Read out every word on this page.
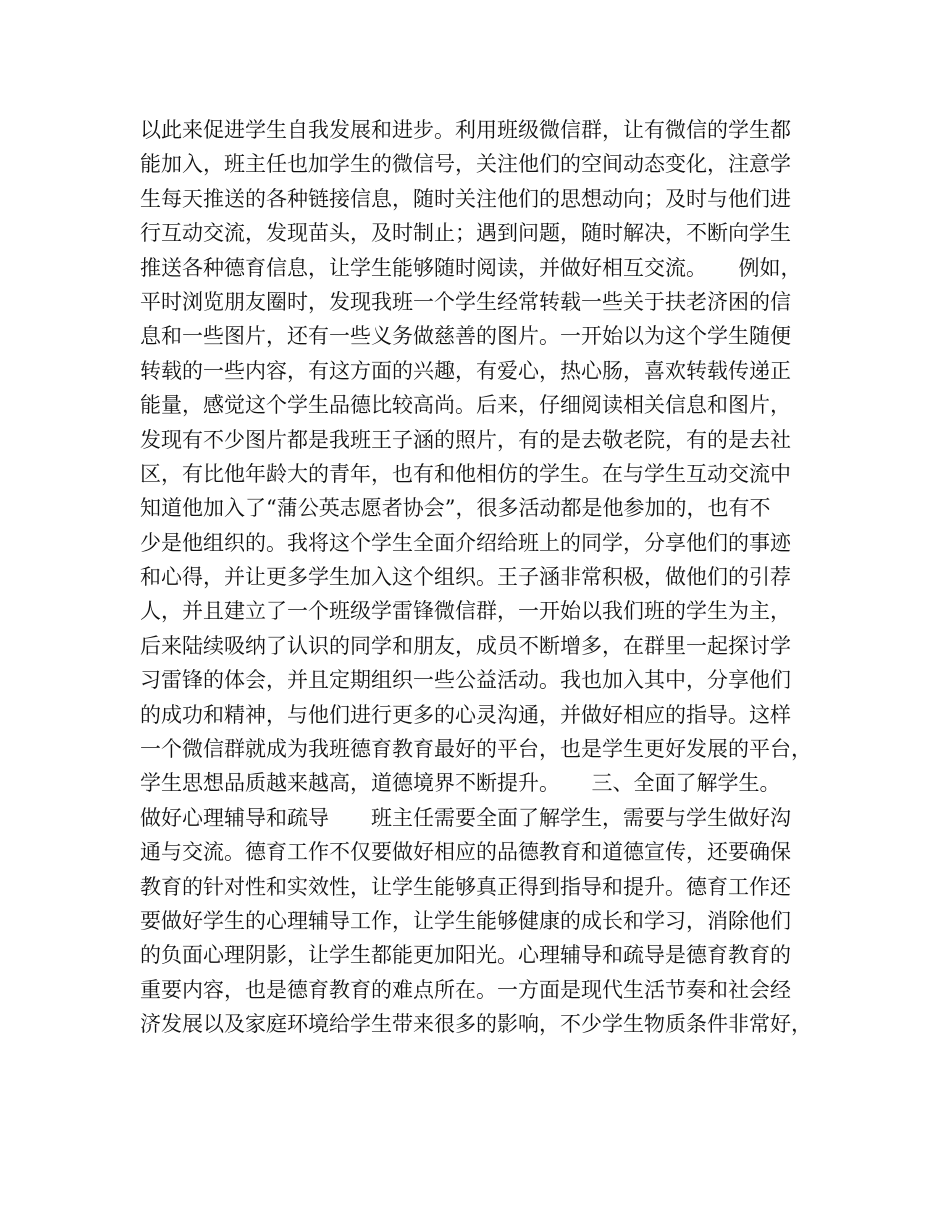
以此来促进学生自我发展和进步。利用班级微信群，让有微信的学生都
能加入，班主任也加学生的微信号，关注他们的空间动态变化，注意学
生每天推送的各种链接信息，随时关注他们的思想动向；及时与他们进
行互动交流，发现苗头，及时制止；遇到问题，随时解决，不断向学生
推送各种德育信息，让学生能够随时阅读，并做好相互交流。　　例如，
平时浏览朋友圈时，发现我班一个学生经常转载一些关于扶老济困的信
息和一些图片，还有一些义务做慈善的图片。一开始以为这个学生随便
转载的一些内容，有这方面的兴趣，有爱心，热心肠，喜欢转载传递正
能量，感觉这个学生品德比较高尚。后来，仔细阅读相关信息和图片，
发现有不少图片都是我班王子涵的照片，有的是去敬老院，有的是去社
区，有比他年龄大的青年，也有和他相仿的学生。在与学生互动交流中
知道他加入了“蒲公英志愿者协会”，很多活动都是他参加的，也有不
少是他组织的。我将这个学生全面介绍给班上的同学，分享他们的事迹
和心得，并让更多学生加入这个组织。王子涵非常积极，做他们的引荐
人，并且建立了一个班级学雷锋微信群，一开始以我们班的学生为主，
后来陆续吸纳了认识的同学和朋友，成员不断增多，在群里一起探讨学
习雷锋的体会，并且定期组织一些公益活动。我也加入其中，分享他们
的成功和精神，与他们进行更多的心灵沟通，并做好相应的指导。这样
一个微信群就成为我班德育教育最好的平台，也是学生更好发展的平台，
学生思想品质越来越高，道德境界不断提升。　　三、全面了解学生。
做好心理辅导和疏导　　班主任需要全面了解学生，需要与学生做好沟
通与交流。德育工作不仅要做好相应的品德教育和道德宣传，还要确保
教育的针对性和实效性，让学生能够真正得到指导和提升。德育工作还
要做好学生的心理辅导工作，让学生能够健康的成长和学习，消除他们
的负面心理阴影，让学生都能更加阳光。心理辅导和疏导是德育教育的
重要内容，也是德育教育的难点所在。一方面是现代生活节奏和社会经
济发展以及家庭环境给学生带来很多的影响，不少学生物质条件非常好，
